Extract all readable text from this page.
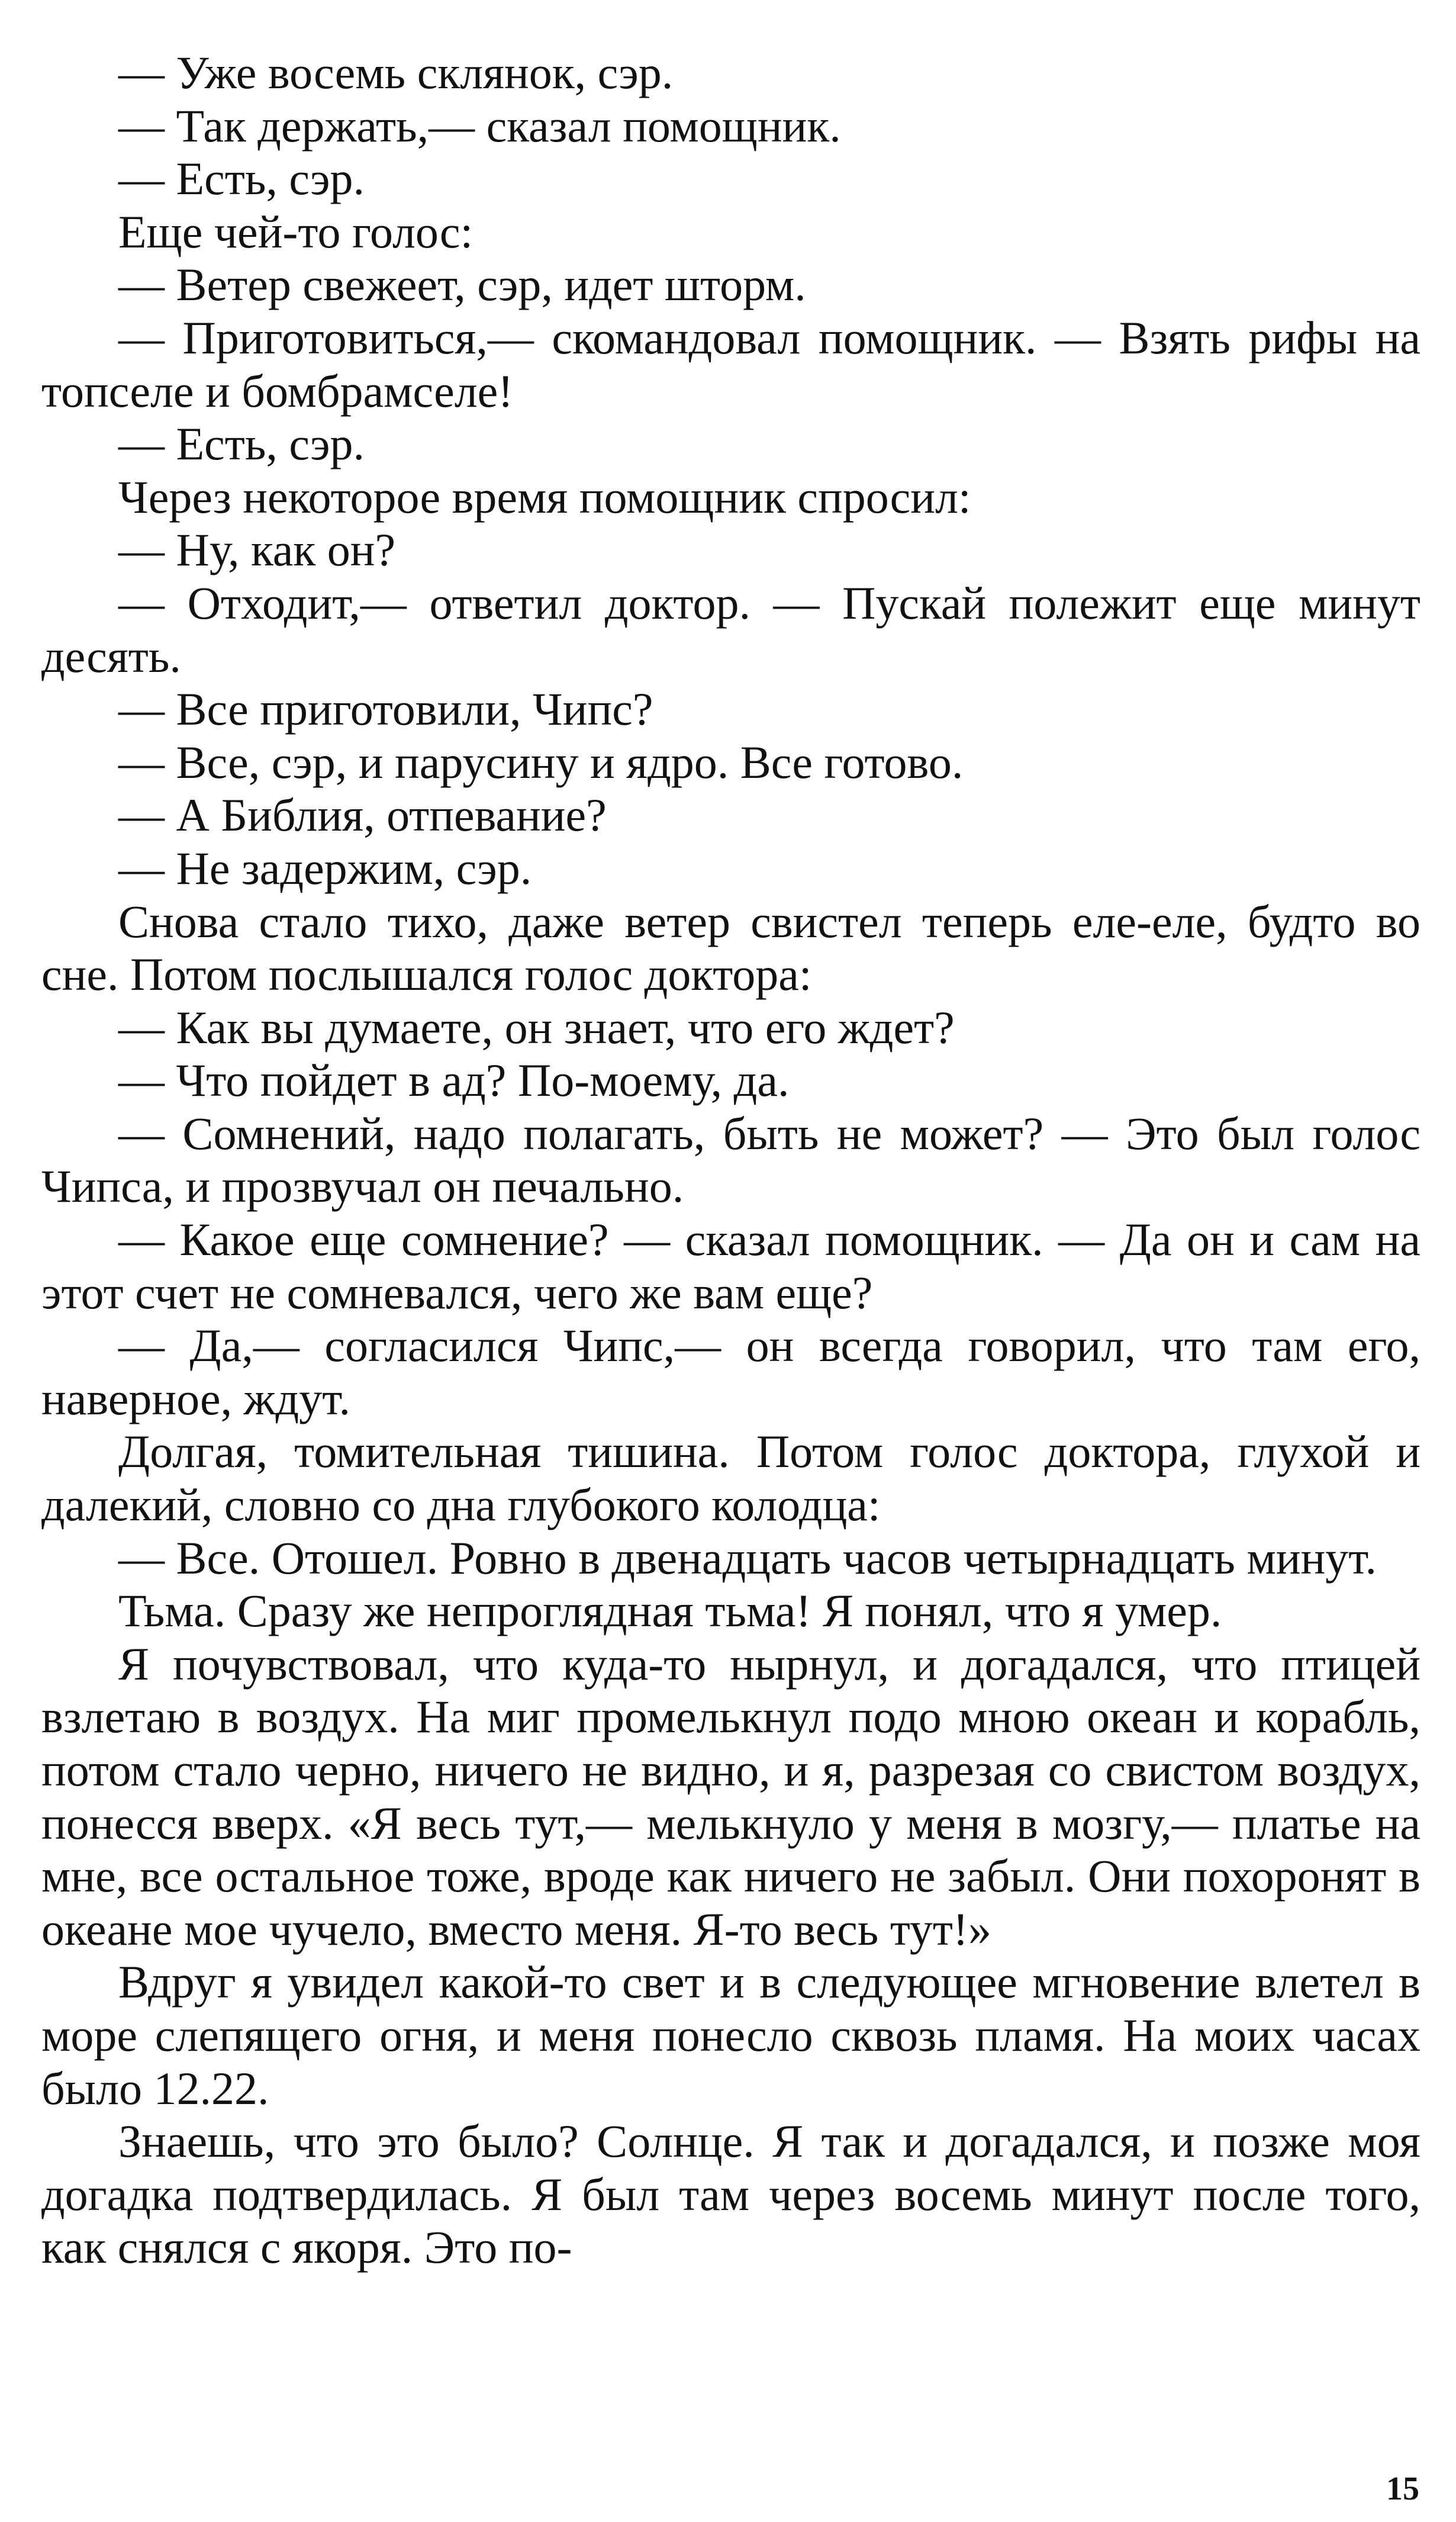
— Уже восемь склянок, сэр.

— Так держать,— сказал помощник.

— Есть, сэр.

Еще чей-то голос:

— Ветер свежеет, сэр, идет шторм.

— Приготовиться,— скомандовал помощник. — Взять рифы на топселе и бомбрамселе!

— Есть, сэр.

Через некоторое время помощник спросил:

— Ну, как он?

— Отходит,— ответил доктор. — Пускай полежит еще минут десять.

— Все приготовили, Чипс?

— Все, сэр, и парусину и ядро. Все готово.

— А Библия, отпевание?

— Не задержим, сэр.

Снова стало тихо, даже ветер свистел теперь еле-еле, будто во сне. Потом послышался голос доктора:

— Как вы думаете, он знает, что его ждет?

— Что пойдет в ад? По-моему, да.

— Сомнений, надо полагать, быть не может? — Это был голос Чипса, и прозвучал он печально.

— Какое еще сомнение? — сказал помощник. — Да он и сам на этот счет не сомневался, чего же вам еще?

— Да,— согласился Чипс,— он всегда говорил, что там его, наверное, ждут.

Долгая, томительная тишина. Потом голос доктора, глухой и далекий, словно со дна глубокого колодца:

— Все. Отошел. Ровно в двенадцать часов четырнадцать минут.

Тьма. Сразу же непроглядная тьма! Я понял, что я умер.

Я почувствовал, что куда-то нырнул, и догадался, что птицей взлетаю в воздух. На миг промелькнул подо мною океан и корабль, потом стало черно, ничего не видно, и я, разрезая со свистом воздух, понесся вверх. «Я весь тут,— мелькнуло у меня в мозгу,— платье на мне, все остальное тоже, вроде как ничего не забыл. Они похоронят в океане мое чучело, вместо меня. Я-то весь тут!»

Вдруг я увидел какой-то свет и в следующее мгновение влетел в море слепящего огня, и меня понесло сквозь пламя. На моих часах было 12.22.

Знаешь, что это было? Солнце. Я так и догадался, и позже моя догадка подтвердилась. Я был там через восемь минут после того, как снялся с якоря. Это по-

15
